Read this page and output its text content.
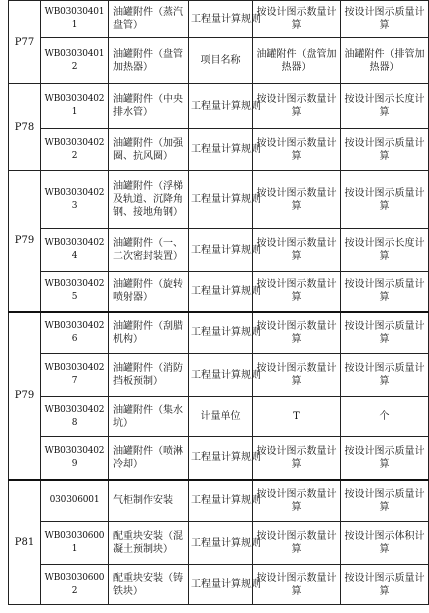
P77	WB030304011	油罐附件（蒸汽盘管）	工程量计算规则	按设计图示数量计算	按设计图示质量计算
	WB030304012	油罐附件（盘管加热器）	项目名称	油罐附件（盘管加热器）	油罐附件（排管加热器）
P78	WB030304021	油罐附件（中央排水管）	工程量计算规则	按设计图示数量计算	按设计图示长度计算
	WB030304022	油罐附件（加强圈、抗风圈）	工程量计算规则	按设计图示数量计算	按设计图示质量计算
P79	WB030304023	油罐附件（浮梯及轨道、沉降角钢、接地角钢）	工程量计算规则	按设计图示数量计算	按设计图示质量计算
	WB030304024	油罐附件（一、二次密封装置）	工程量计算规则	按设计图示数量计算	按设计图示长度计算
	WB030304025	油罐附件（旋转喷射器）	工程量计算规则	按设计图示数量计算	按设计图示质量计算
P79	WB030304026	油罐附件（刮腊机构）	工程量计算规则	按设计图示数量计算	按设计图示质量计算
	WB030304027	油罐附件（消防挡板预制）	工程量计算规则	按设计图示数量计算	按设计图示质量计算
	WB030304028	油罐附件（集水坑）	计量单位	T	个
	WB030304029	油罐附件（喷淋冷却）	工程量计算规则	按设计图示数量计算	按设计图示质量计算
P81	030306001	气柜制作安装	工程量计算规则	按设计图示数量计算	按设计图示质量计算
	WB030306001	配重块安装（混凝土预制块）	工程量计算规则	按设计图示数量计算	按设计图示体积计算
	WB030306002	配重块安装（铸铁块）	工程量计算规则	按设计图示数量计算	按设计图示质量计算
